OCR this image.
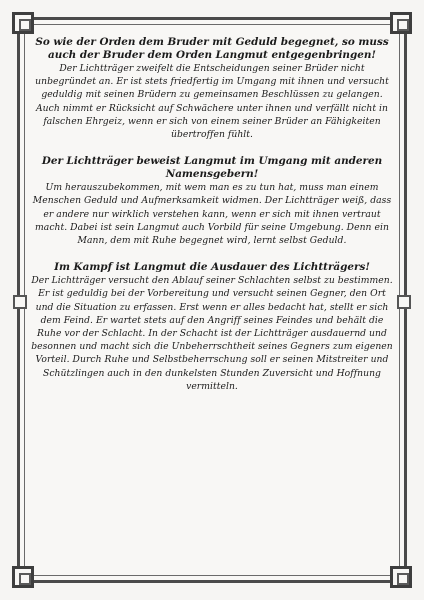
So wie der Orden dem Bruder mit Geduld begegnet, so muss auch der Bruder dem Orden Langmut entgegenbringen!

Der Lichtträger zweifelt die Entscheidungen seiner Brüder nicht unbegründet an. Er ist stets friedfertig im Umgang mit ihnen und versucht geduldig mit seinen Brüdern zu gemeinsamen Beschlüssen zu gelangen. Auch nimmt er Rücksicht auf Schwächere unter ihnen und verfällt nicht in falschen Ehrgeiz, wenn er sich von einem seiner Brüder an Fähigkeiten übertroffen fühlt.

Der Lichtträger beweist Langmut im Umgang mit anderen Namensgebern!

Um herauszubekommen, mit wem man es zu tun hat, muss man einem Menschen Geduld und Aufmerksamkeit widmen. Der Lichtträger weiß, dass er andere nur wirklich verstehen kann, wenn er sich mit ihnen vertraut macht. Dabei ist sein Langmut auch Vorbild für seine Umgebung. Denn ein Mann, dem mit Ruhe begegnet wird, lernt selbst Geduld.

Im Kampf ist Langmut die Ausdauer des Lichtträgers!

Der Lichtträger versucht den Ablauf seiner Schlachten selbst zu bestimmen. Er ist geduldig bei der Vorbereitung und versucht seinen Gegner, den Ort und die Situation zu erfassen. Erst wenn er alles bedacht hat, stellt er sich dem Feind. Er wartet stets auf den Angriff seines Feindes und behält die Ruhe vor der Schlacht. In der Schacht ist der Lichtträger ausdauernd und besonnen und macht sich die Unbeherrschtheit seines Gegners zum eigenen Vorteil. Durch Ruhe und Selbstbeherrschung soll er seinen Mitstreiter und Schützlingen auch in den dunkelsten Stunden Zuversicht und Hoffnung vermitteln.
